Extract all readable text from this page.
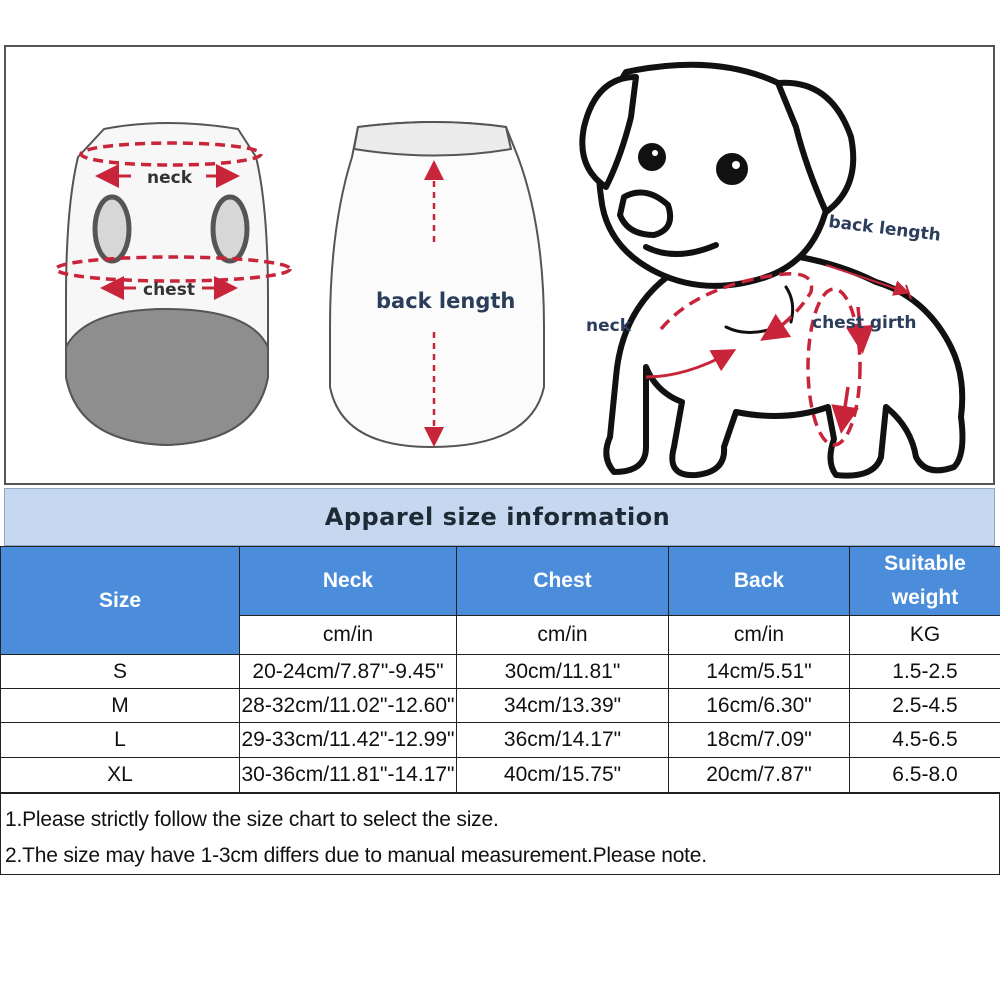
neck
chest	back length
back length
neck	chest girth
Apparel size information
Size	Neck	Chest	Back	Suitable
weight
	cm/in	cm/in	cm/in	KG
S	20-24cm/7.87"-9.45"	30cm/11.81"	14cm/5.51"	1.5-2.5
M	28-32cm/11.02"-12.60"	34cm/13.39"	16cm/6.30"	2.5-4.5
L	29-33cm/11.42"-12.99"	36cm/14.17"	18cm/7.09"	4.5-6.5
XL	30-36cm/11.81"-14.17"	40cm/15.75"	20cm/7.87"	6.5-8.0

1.Please strictly follow the size chart to select the size.

2.The size may have 1-3cm differs due to manual measurement.Please note.
